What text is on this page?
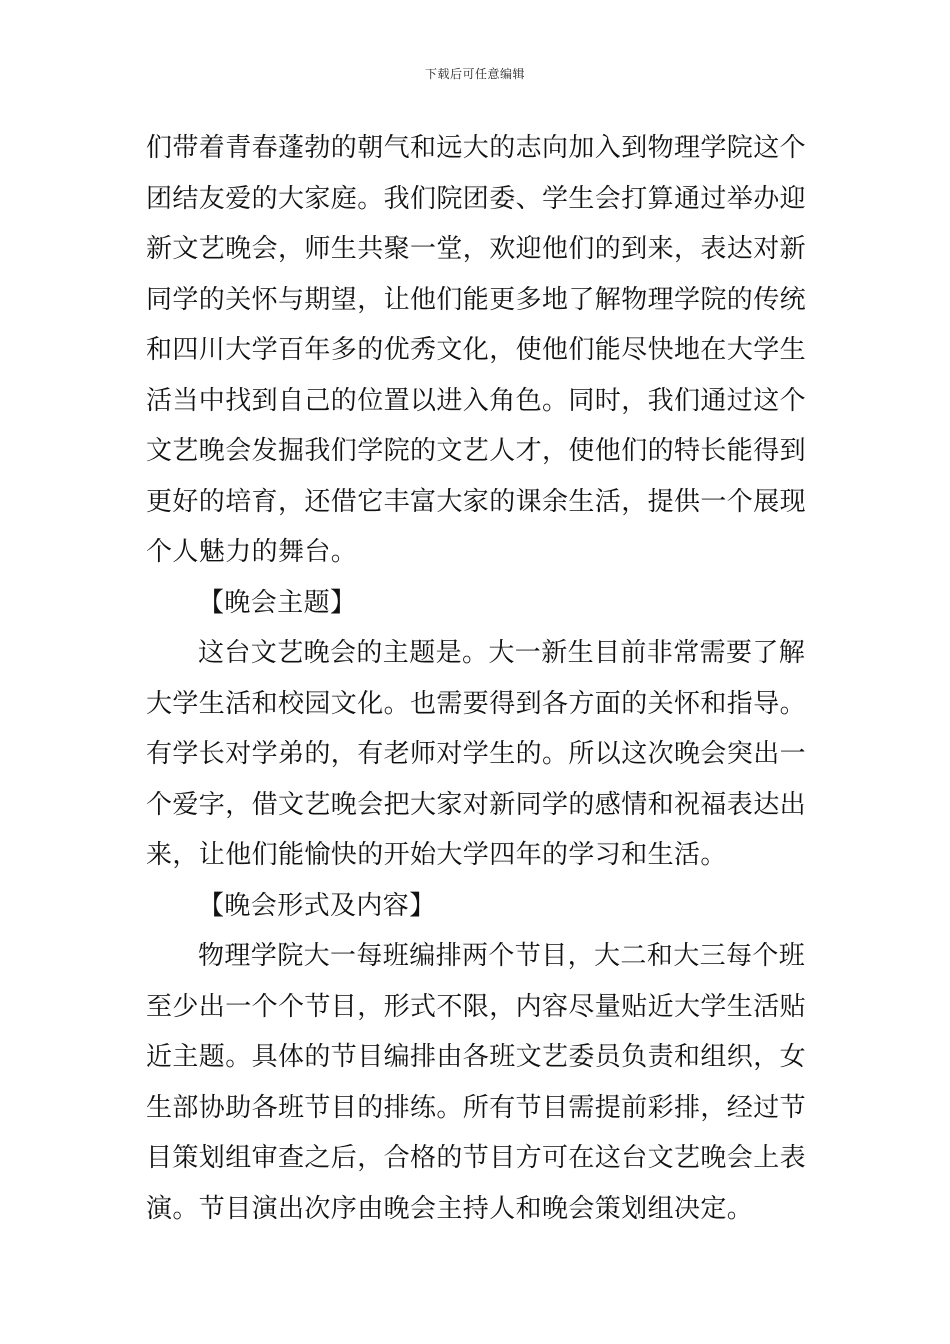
下载后可任意编辑
们带着青春蓬勃的朝气和远大的志向加入到物理学院这个
团结友爱的大家庭。我们院团委、学生会打算通过举办迎
新文艺晚会，师生共聚一堂，欢迎他们的到来，表达对新
同学的关怀与期望，让他们能更多地了解物理学院的传统
和四川大学百年多的优秀文化，使他们能尽快地在大学生
活当中找到自己的位置以进入角色。同时，我们通过这个
文艺晚会发掘我们学院的文艺人才，使他们的特长能得到
更好的培育，还借它丰富大家的课余生活，提供一个展现
个人魅力的舞台。
【晚会主题】
这台文艺晚会的主题是。大一新生目前非常需要了解
大学生活和校园文化。也需要得到各方面的关怀和指导。
有学长对学弟的，有老师对学生的。所以这次晚会突出一
个爱字，借文艺晚会把大家对新同学的感情和祝福表达出
来，让他们能愉快的开始大学四年的学习和生活。
【晚会形式及内容】
物理学院大一每班编排两个节目，大二和大三每个班
至少出一个个节目，形式不限，内容尽量贴近大学生活贴
近主题。具体的节目编排由各班文艺委员负责和组织，女
生部协助各班节目的排练。所有节目需提前彩排，经过节
目策划组审查之后，合格的节目方可在这台文艺晚会上表
演。节目演出次序由晚会主持人和晚会策划组决定。
